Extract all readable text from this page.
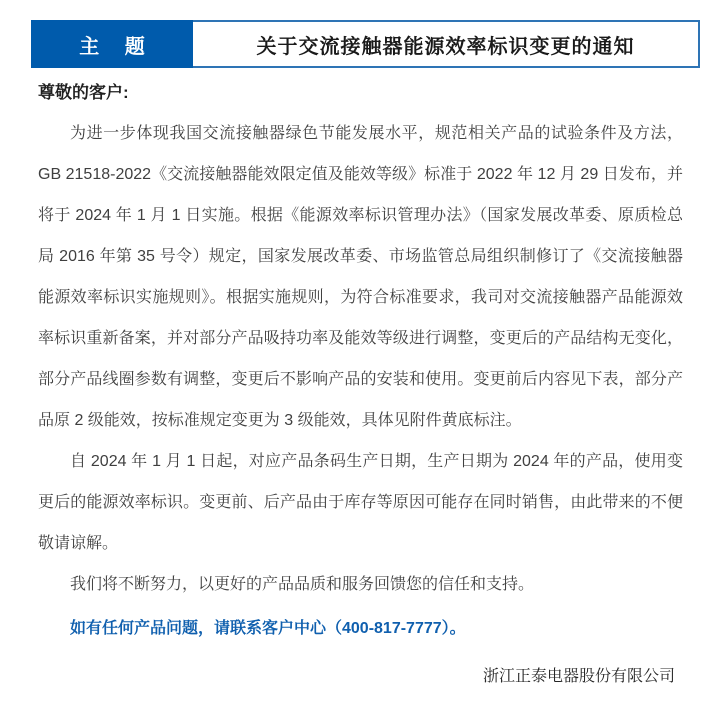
主 题	关于交流接触器能源效率标识变更的通知

尊敬的客户:

为进一步体现我国交流接触器绿色节能发展水平，规范相关产品的试验条件及方法，GB 21518-2022《交流接触器能效限定值及能效等级》标准于 2022 年 12 月 29 日发布，并将于 2024 年 1 月 1 日实施。根据《能源效率标识管理办法》（国家发展改革委、原质检总局 2016 年第 35 号令）规定，国家发展改革委、市场监管总局组织制修订了《交流接触器能源效率标识实施规则》。根据实施规则，为符合标准要求，我司对交流接触器产品能源效率标识重新备案，并对部分产品吸持功率及能效等级进行调整，变更后的产品结构无变化，部分产品线圈参数有调整，变更后不影响产品的安装和使用。变更前后内容见下表，部分产品原 2 级能效，按标准规定变更为 3 级能效，具体见附件黄底标注。

自 2024 年 1 月 1 日起，对应产品条码生产日期，生产日期为 2024 年的产品，使用变更后的能源效率标识。变更前、后产品由于库存等原因可能存在同时销售，由此带来的不便敬请谅解。

我们将不断努力，以更好的产品品质和服务回馈您的信任和支持。

如有任何产品问题，请联系客户中心（400-817-7777）。

浙江正泰电器股份有限公司
